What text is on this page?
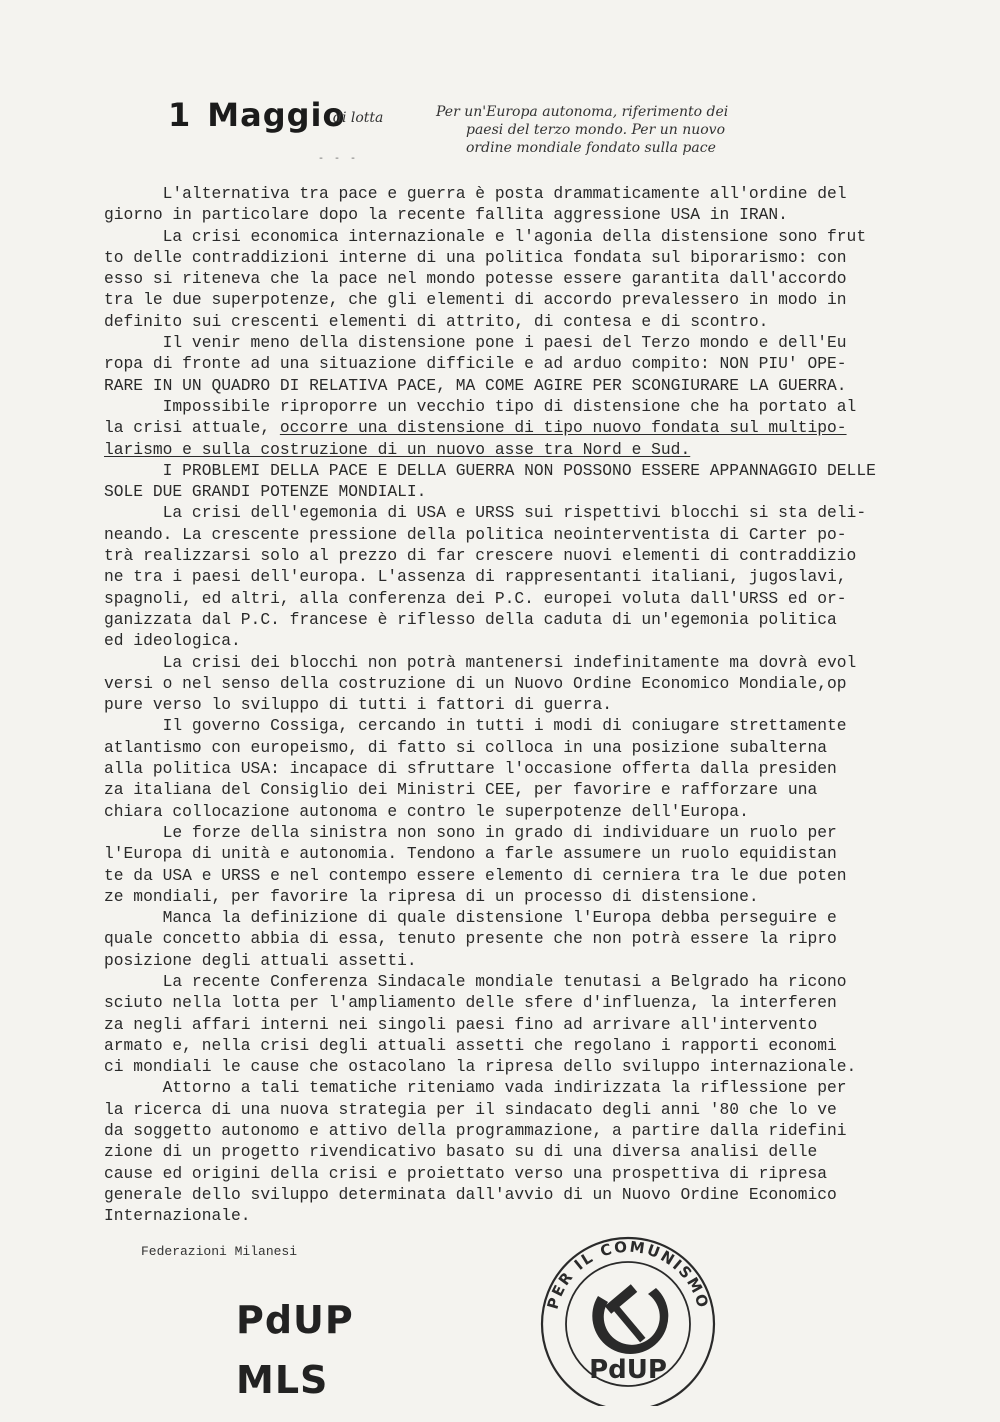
1 Maggio
di lotta	Per un'Europa autonoma, riferimento dei
paesi del terzo mondo. Per un nuovo
ordine mondiale fondato sulla pace
- - -
L'alternativa tra pace e guerra è posta drammaticamente all'ordine del
giorno in particolare dopo la recente fallita aggressione USA in IRAN.
La crisi economica internazionale e l'agonia della distensione sono frut
to delle contraddizioni interne di una politica fondata sul biporarismo: con
esso si riteneva che la pace nel mondo potesse essere garantita dall'accordo
tra le due superpotenze, che gli elementi di accordo prevalessero in modo in
definito sui crescenti elementi di attrito, di contesa e di scontro.
Il venir meno della distensione pone i paesi del Terzo mondo e dell'Eu
ropa di fronte ad una situazione difficile e ad arduo compito: NON PIU' OPE-
RARE IN UN QUADRO DI RELATIVA PACE, MA COME AGIRE PER SCONGIURARE LA GUERRA.
Impossibile riproporre un vecchio tipo di distensione che ha portato al
la crisi attuale, occorre una distensione di tipo nuovo fondata sul multipo-
larismo e sulla costruzione di un nuovo asse tra Nord e Sud.
I PROBLEMI DELLA PACE E DELLA GUERRA NON POSSONO ESSERE APPANNAGGIO DELLE
SOLE DUE GRANDI POTENZE MONDIALI.
La crisi dell'egemonia di USA e URSS sui rispettivi blocchi si sta deli-
neando. La crescente pressione della politica neointerventista di Carter po-
trà realizzarsi solo al prezzo di far crescere nuovi elementi di contraddizio
ne tra i paesi dell'europa. L'assenza di rappresentanti italiani, jugoslavi,
spagnoli, ed altri, alla conferenza dei P.C. europei voluta dall'URSS ed or-
ganizzata dal P.C. francese è riflesso della caduta di un'egemonia politica
ed ideologica.
La crisi dei blocchi non potrà mantenersi indefinitamente ma dovrà evol
versi o nel senso della costruzione di un Nuovo Ordine Economico Mondiale,op
pure verso lo sviluppo di tutti i fattori di guerra.
Il governo Cossiga, cercando in tutti i modi di coniugare strettamente
atlantismo con europeismo, di fatto si colloca in una posizione subalterna
alla politica USA: incapace di sfruttare l'occasione offerta dalla presiden
za italiana del Consiglio dei Ministri CEE, per favorire e rafforzare una
chiara collocazione autonoma e contro le superpotenze dell'Europa.
Le forze della sinistra non sono in grado di individuare un ruolo per
l'Europa di unità e autonomia. Tendono a farle assumere un ruolo equidistan
te da USA e URSS e nel contempo essere elemento di cerniera tra le due poten
ze mondiali, per favorire la ripresa di un processo di distensione.
Manca la definizione di quale distensione l'Europa debba perseguire e
quale concetto abbia di essa, tenuto presente che non potrà essere la ripro
posizione degli attuali assetti.
La recente Conferenza Sindacale mondiale tenutasi a Belgrado ha ricono
sciuto nella lotta per l'ampliamento delle sfere d'influenza, la interferen
za negli affari interni nei singoli paesi fino ad arrivare all'intervento
armato e, nella crisi degli attuali assetti che regolano i rapporti economi
ci mondiali le cause che ostacolano la ripresa dello sviluppo internazionale.
Attorno a tali tematiche riteniamo vada indirizzata la riflessione per
la ricerca di una nuova strategia per il sindacato degli anni '80 che lo ve
da soggetto autonomo e attivo della programmazione, a partire dalla ridefini
zione di un progetto rivendicativo basato su di una diversa analisi delle
cause ed origini della crisi e proiettato verso una prospettiva di ripresa
generale dello sviluppo determinata dall'avvio di un Nuovo Ordine Economico
Internazionale.
Federazioni Milanesi
PdUP
MLS
PER IL COMUNISMO
PdUP
